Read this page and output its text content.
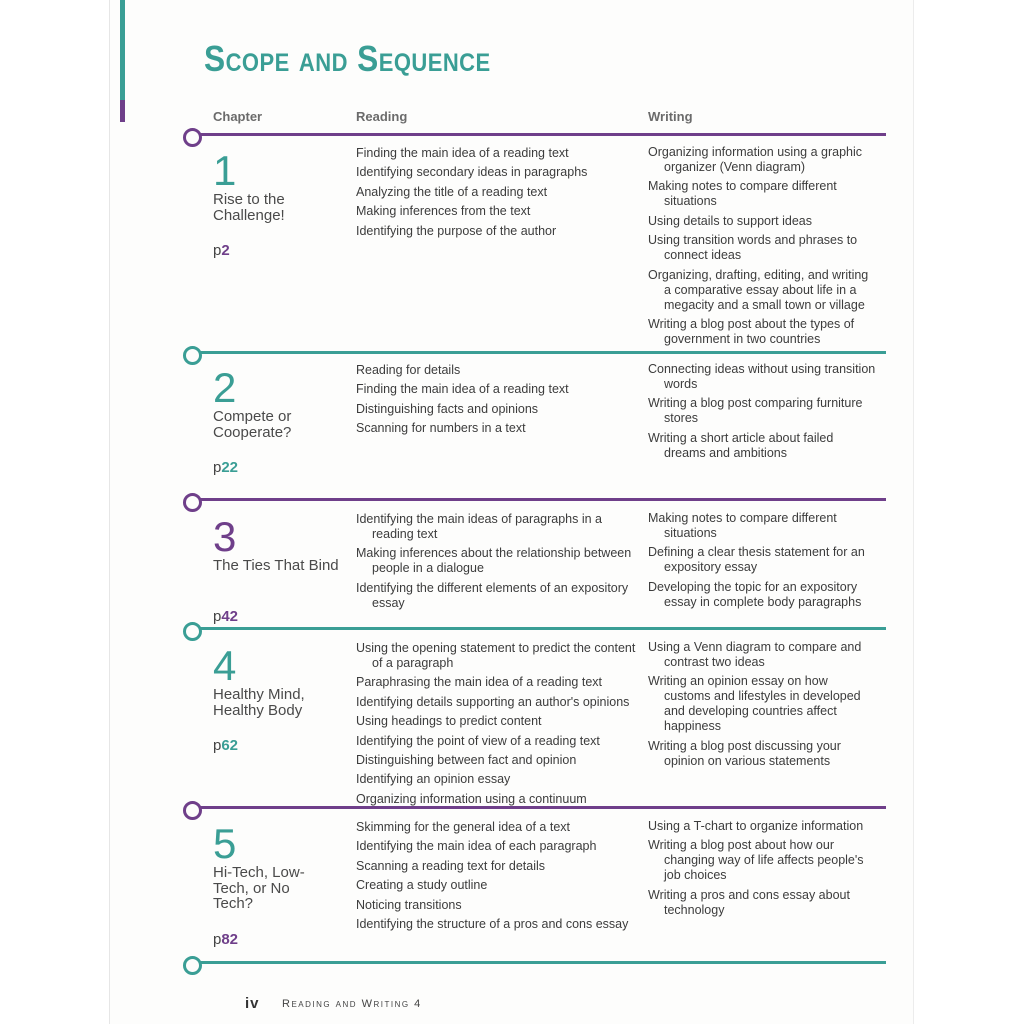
Scope and Sequence
Chapter	Reading	Writing
1
Rise to the Challenge!
p2
Finding the main idea of a reading text
Identifying secondary ideas in paragraphs
Analyzing the title of a reading text
Making inferences from the text
Identifying the purpose of the author
Organizing information using a graphic organizer (Venn diagram)
Making notes to compare different situations
Using details to support ideas
Using transition words and phrases to connect ideas
Organizing, drafting, editing, and writing a comparative essay about life in a megacity and a small town or village
Writing a blog post about the types of government in two countries
2
Compete or Cooperate?
p22
Reading for details
Finding the main idea of a reading text
Distinguishing facts and opinions
Scanning for numbers in a text
Connecting ideas without using transition words
Writing a blog post comparing furniture stores
Writing a short article about failed dreams and ambitions
3
The Ties That Bind
p42
Identifying the main ideas of paragraphs in a reading text
Making inferences about the relationship between people in a dialogue
Identifying the different elements of an expository essay
Making notes to compare different situations
Defining a clear thesis statement for an expository essay
Developing the topic for an expository essay in complete body paragraphs
4
Healthy Mind, Healthy Body
p62
Using the opening statement to predict the content of a paragraph
Paraphrasing the main idea of a reading text
Identifying details supporting an author's opinions
Using headings to predict content
Identifying the point of view of a reading text
Distinguishing between fact and opinion
Identifying an opinion essay
Organizing information using a continuum
Using a Venn diagram to compare and contrast two ideas
Writing an opinion essay on how customs and lifestyles in developed and developing countries affect happiness
Writing a blog post discussing your opinion on various statements
5
Hi-Tech, Low-Tech, or No Tech?
p82
Skimming for the general idea of a text
Identifying the main idea of each paragraph
Scanning a reading text for details
Creating a study outline
Noticing transitions
Identifying the structure of a pros and cons essay
Using a T-chart to organize information
Writing a blog post about how our changing way of life affects people's job choices
Writing a pros and cons essay about technology
iv Reading and Writing 4
